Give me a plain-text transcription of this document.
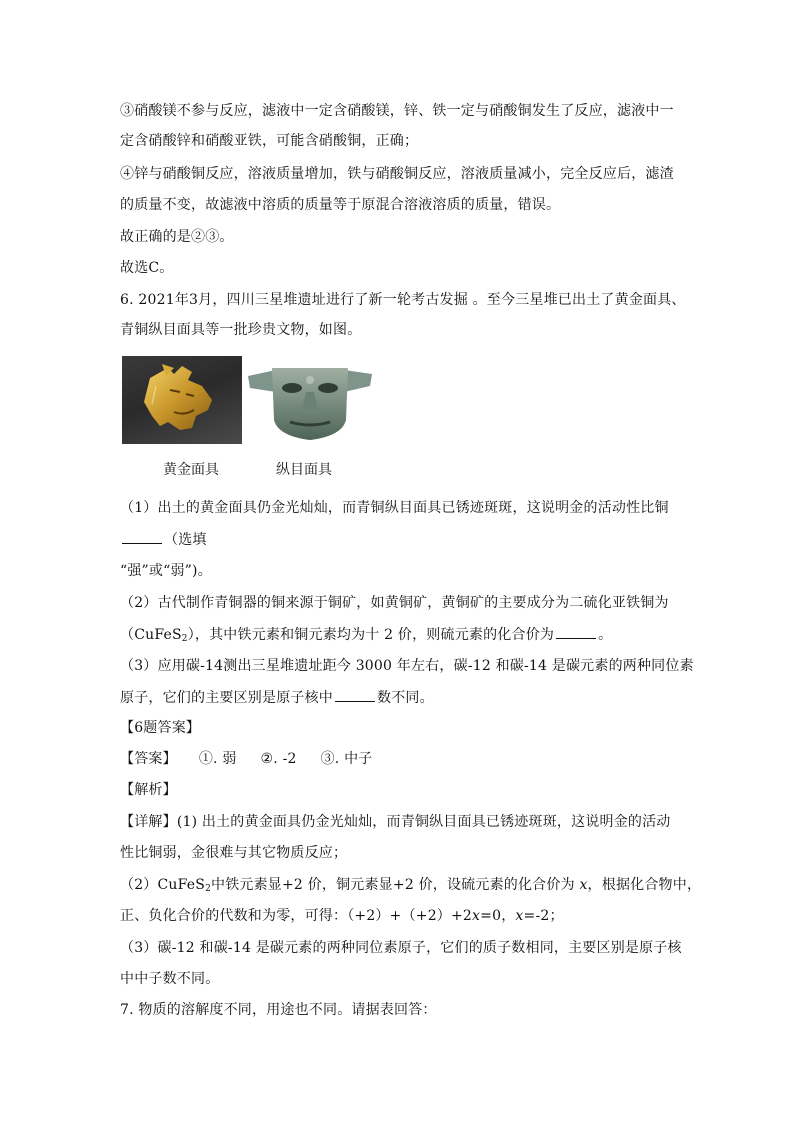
③硝酸镁不参与反应，滤液中一定含硝酸镁，锌、铁一定与硝酸铜发生了反应，滤液中一
定含硝酸锌和硝酸亚铁，可能含硝酸铜，正确；
④锌与硝酸铜反应，溶液质量增加，铁与硝酸铜反应，溶液质量减小，完全反应后，滤渣
的质量不变，故滤液中溶质的质量等于原混合溶液溶质的质量，错误。
故正确的是②③。
故选C。
6. 2021年3月，四川三星堆遗址进行了新一轮考古发掘 。至今三星堆已出土了黄金面具、
青铜纵目面具等一批珍贵文物，如图。
黄金面具	纵目面具
（1）出土的黄金面具仍金光灿灿，而青铜纵目面具已锈迹斑斑，这说明金的活动性比铜
（选填
“强”或“弱”)。
（2）古代制作青铜器的铜来源于铜矿，如黄铜矿，黄铜矿的主要成分为二硫化亚铁铜为
（CuFeS$_2$），其中铁元素和铜元素均为十 2 价，则硫元素的化合价为	。
（3）应用碳-14测出三星堆遗址距今 3000 年左右，碳-12 和碳-14 是碳元素的两种同位素
原子，它们的主要区别是原子核中	数不同。
【6题答案】
【答案】 ①. 弱 ②. -2 ③. 中子
【解析】
【详解】(1) 出土的黄金面具仍金光灿灿，而青铜纵目面具已锈迹斑斑，这说明金的活动
性比铜弱，金很难与其它物质反应；
（2）CuFeS$_2$中铁元素显+2 价，铜元素显+2 价，设硫元素的化合价为 x，根据化合物中，
正、负化合价的代数和为零，可得：（+2）+（+2）+2x=0，x=-2；
（3）碳-12 和碳-14 是碳元素的两种同位素原子，它们的质子数相同，主要区别是原子核
中中子数不同。
7. 物质的溶解度不同，用途也不同。请据表回答：
